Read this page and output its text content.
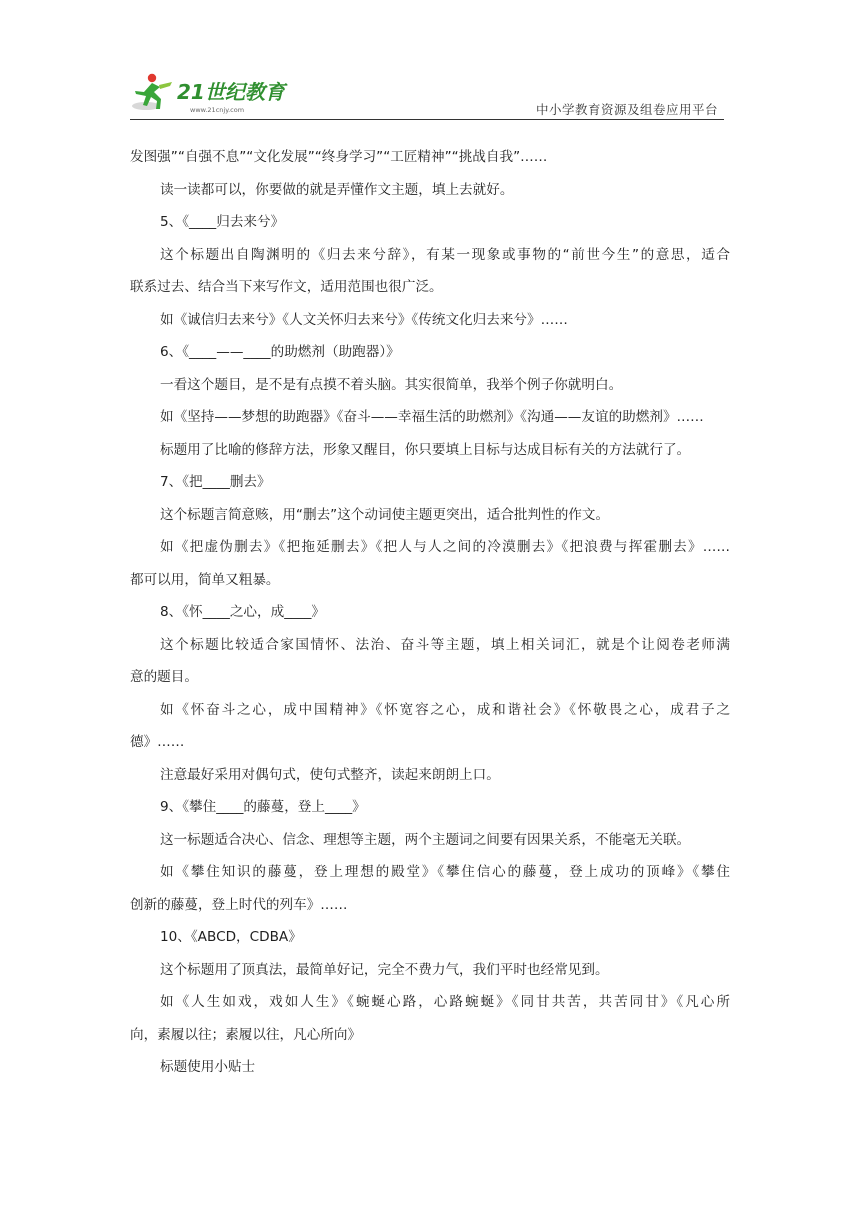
21世纪教育
www.21cnjy.com	中小学教育资源及组卷应用平台

发图强”“自强不息”“文化发展”“终身学习”“工匠精神”“挑战自我”……

读一读都可以，你要做的就是弄懂作文主题，填上去就好。

5、《____归去来兮》

这个标题出自陶渊明的《归去来兮辞》，有某一现象或事物的“前世今生”的意思，适合

联系过去、结合当下来写作文，适用范围也很广泛。

如《诚信归去来兮》《人文关怀归去来兮》《传统文化归去来兮》……

6、《____——____的助燃剂（助跑器）》

一看这个题目，是不是有点摸不着头脑。其实很简单，我举个例子你就明白。

如《坚持——梦想的助跑器》《奋斗——幸福生活的助燃剂》《沟通——友谊的助燃剂》……

标题用了比喻的修辞方法，形象又醒目，你只要填上目标与达成目标有关的方法就行了。

7、《把____删去》

这个标题言简意赅，用“删去”这个动词使主题更突出，适合批判性的作文。

如《把虚伪删去》《把拖延删去》《把人与人之间的冷漠删去》《把浪费与挥霍删去》……

都可以用，简单又粗暴。

8、《怀____之心，成____》

这个标题比较适合家国情怀、法治、奋斗等主题，填上相关词汇，就是个让阅卷老师满

意的题目。

如《怀奋斗之心，成中国精神》《怀宽容之心，成和谐社会》《怀敬畏之心，成君子之

德》……

注意最好采用对偶句式，使句式整齐，读起来朗朗上口。

9、《攀住____的藤蔓，登上____》

这一标题适合决心、信念、理想等主题，两个主题词之间要有因果关系，不能毫无关联。

如《攀住知识的藤蔓，登上理想的殿堂》《攀住信心的藤蔓，登上成功的顶峰》《攀住

创新的藤蔓，登上时代的列车》……

10、《ABCD，CDBA》

这个标题用了顶真法，最简单好记，完全不费力气，我们平时也经常见到。

如《人生如戏，戏如人生》《蜿蜒心路，心路蜿蜒》《同甘共苦，共苦同甘》《凡心所

向，素履以往；素履以往，凡心所向》

标题使用小贴士
